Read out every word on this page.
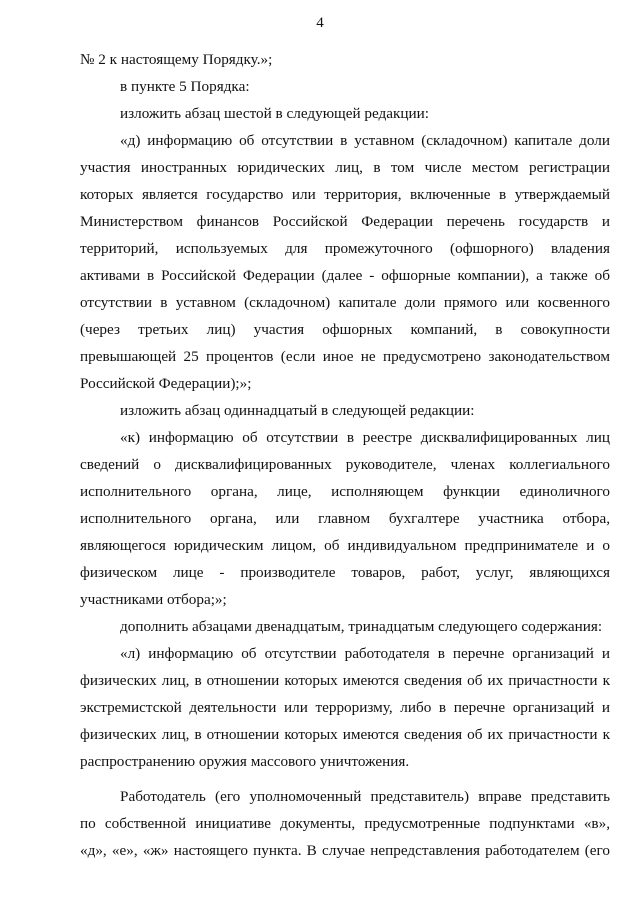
4
№ 2 к настоящему Порядку.»;
в пункте 5 Порядка:
изложить абзац шестой в следующей редакции:
«д) информацию об отсутствии в уставном (складочном) капитале доли
участия иностранных юридических лиц, в том числе местом регистрации
которых является государство или территория, включенные в утверждаемый
Министерством финансов Российской Федерации перечень государств и
территорий, используемых для промежуточного (офшорного) владения
активами в Российской Федерации (далее - офшорные компании), а также об
отсутствии в уставном (складочном) капитале доли прямого или косвенного
(через третьих лиц) участия офшорных компаний, в совокупности
превышающей 25 процентов (если иное не предусмотрено законодательством
Российской Федерации);»;
изложить абзац одиннадцатый в следующей редакции:
«к) информацию об отсутствии в реестре дисквалифицированных лиц
сведений о дисквалифицированных руководителе, членах коллегиального
исполнительного органа, лице, исполняющем функции единоличного
исполнительного органа, или главном бухгалтере участника отбора,
являющегося юридическим лицом, об индивидуальном предпринимателе и о
физическом лице - производителе товаров, работ, услуг, являющихся
участниками отбора;»;
дополнить абзацами двенадцатым, тринадцатым следующего содержания:
«л) информацию об отсутствии работодателя в перечне организаций и
физических лиц, в отношении которых имеются сведения об их причастности к
экстремистской деятельности или терроризму, либо в перечне организаций и
физических лиц, в отношении которых имеются сведения об их причастности к
распространению оружия массового уничтожения.
Работодатель (его уполномоченный представитель) вправе представить
по собственной инициативе документы, предусмотренные подпунктами «в»,
«д», «е», «ж» настоящего пункта. В случае непредставления работодателем (его
